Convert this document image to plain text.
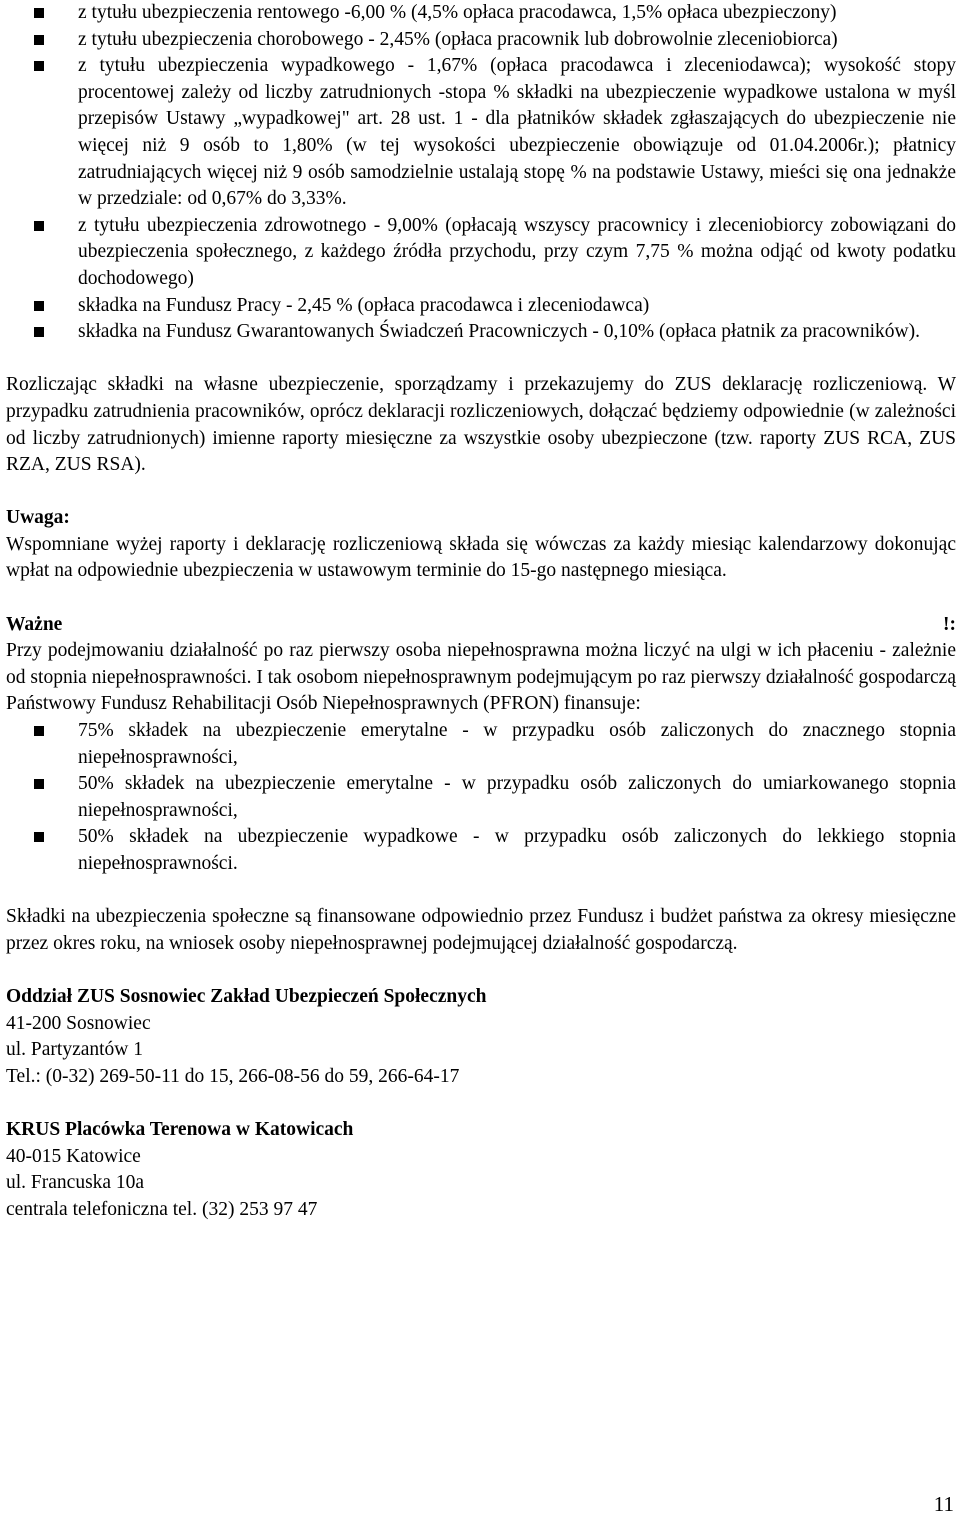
z tytułu ubezpieczenia rentowego -6,00 % (4,5% opłaca pracodawca, 1,5% opłaca ubezpieczony)
z tytułu ubezpieczenia chorobowego - 2,45% (opłaca pracownik lub dobrowolnie zleceniobiorca)
z tytułu ubezpieczenia wypadkowego - 1,67% (opłaca pracodawca i zleceniodawca); wysokość stopy procentowej zależy od liczby zatrudnionych -stopa % składki na ubezpieczenie wypadkowe ustalona w myśl przepisów Ustawy „wypadkowej" art. 28 ust. 1 - dla płatników składek zgłaszających do ubezpieczenie nie więcej niż 9 osób to 1,80% (w tej wysokości ubezpieczenie obowiązuje od 01.04.2006r.); płatnicy zatrudniających więcej niż 9 osób samodzielnie ustalają stopę % na podstawie Ustawy, mieści się ona jednakże w przedziale: od 0,67% do 3,33%.
z tytułu ubezpieczenia zdrowotnego - 9,00% (opłacają wszyscy pracownicy i zleceniobiorcy zobowiązani do ubezpieczenia społecznego, z każdego źródła przychodu, przy czym 7,75 % można odjąć od kwoty podatku dochodowego)
składka na Fundusz Pracy - 2,45 % (opłaca pracodawca i zleceniodawca)
składka na Fundusz Gwarantowanych Świadczeń Pracowniczych - 0,10% (opłaca płatnik za pracowników).

Rozliczając składki na własne ubezpieczenie, sporządzamy i przekazujemy do ZUS deklarację rozliczeniową. W przypadku zatrudnienia pracowników, oprócz deklaracji rozliczeniowych, dołączać będziemy odpowiednie (w zależności od liczby zatrudnionych) imienne raporty miesięczne za wszystkie osoby ubezpieczone (tzw. raporty ZUS RCA, ZUS RZA, ZUS RSA).

Uwaga:

Wspomniane wyżej raporty i deklarację rozliczeniową składa się wówczas za każdy miesiąc kalendarzowy dokonując wpłat na odpowiednie ubezpieczenia w ustawowym terminie do 15-go następnego miesiąca.

Ważne	!:

Przy podejmowaniu działalność po raz pierwszy osoba niepełnosprawna można liczyć na ulgi w ich płaceniu - zależnie od stopnia niepełnosprawności. I tak osobom niepełnosprawnym podejmującym po raz pierwszy działalność gospodarczą Państwowy Fundusz Rehabilitacji Osób Niepełnosprawnych (PFRON) finansuje:

75% składek na ubezpieczenie emerytalne - w przypadku osób zaliczonych do znacznego stopnia niepełnosprawności,
50% składek na ubezpieczenie emerytalne - w przypadku osób zaliczonych do umiarkowanego stopnia niepełnosprawności,
50% składek na ubezpieczenie wypadkowe - w przypadku osób zaliczonych do lekkiego stopnia niepełnosprawności.

Składki na ubezpieczenia społeczne są finansowane odpowiednio przez Fundusz i budżet państwa za okresy miesięczne przez okres roku, na wniosek osoby niepełnosprawnej podejmującej działalność gospodarczą.

Oddział ZUS Sosnowiec Zakład Ubezpieczeń Społecznych

41-200 Sosnowiec

ul. Partyzantów 1

Tel.: (0-32) 269-50-11 do 15, 266-08-56 do 59, 266-64-17

KRUS Placówka Terenowa w Katowicach

40-015 Katowice

ul. Francuska 10a

centrala telefoniczna tel. (32) 253 97 47

11
